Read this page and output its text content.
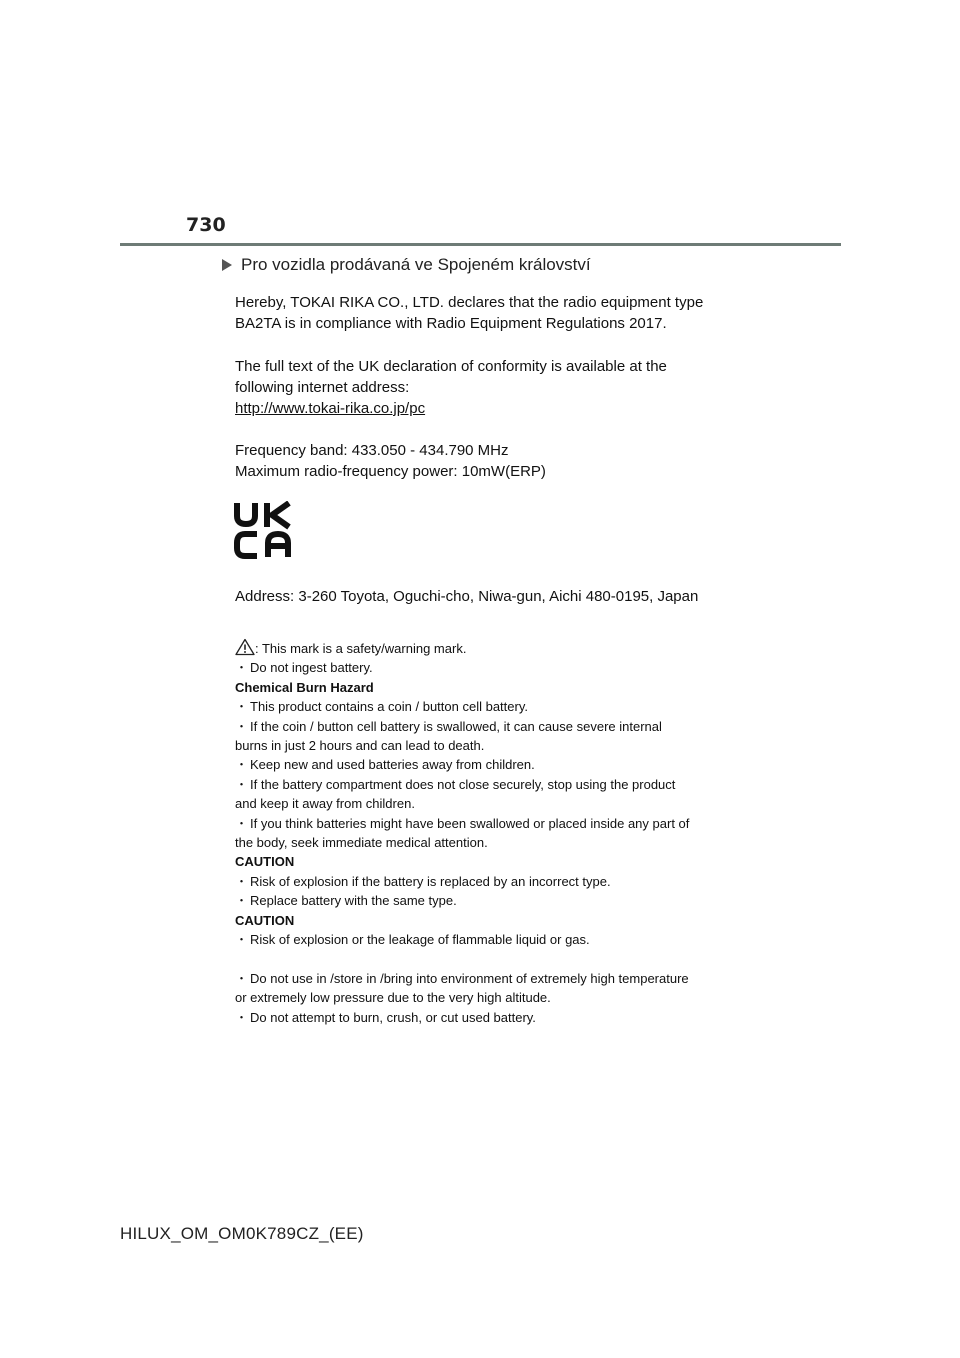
730
Pro vozidla prodávaná ve Spojeném království
Hereby, TOKAI RIKA CO., LTD. declares that the radio equipment type
BA2TA is in compliance with Radio Equipment Regulations 2017.
The full text of the UK declaration of conformity is available at the
following internet address:
http://www.tokai-rika.co.jp/pc
Frequency band: 433.050 - 434.790 MHz
Maximum radio-frequency power: 10mW(ERP)
Address: 3-260 Toyota, Oguchi-cho, Niwa-gun, Aichi 480-0195, Japan
: This mark is a safety/warning mark.
・ Do not ingest battery.
Chemical Burn Hazard
・ This product contains a coin / button cell battery.
・ If the coin / button cell battery is swallowed, it can cause severe internal
burns in just 2 hours and can lead to death.
・ Keep new and used batteries away from children.
・ If the battery compartment does not close securely, stop using the product
and keep it away from children.
・ If you think batteries might have been swallowed or placed inside any part of
the body, seek immediate medical attention.
CAUTION
・ Risk of explosion if the battery is replaced by an incorrect type.
・ Replace battery with the same type.
CAUTION
・ Risk of explosion or the leakage of flammable liquid or gas.
・ Do not use in /store in /bring into environment of extremely high temperature
or extremely low pressure due to the very high altitude.
・ Do not attempt to burn, crush, or cut used battery.
HILUX_OM_OM0K789CZ_(EE)
